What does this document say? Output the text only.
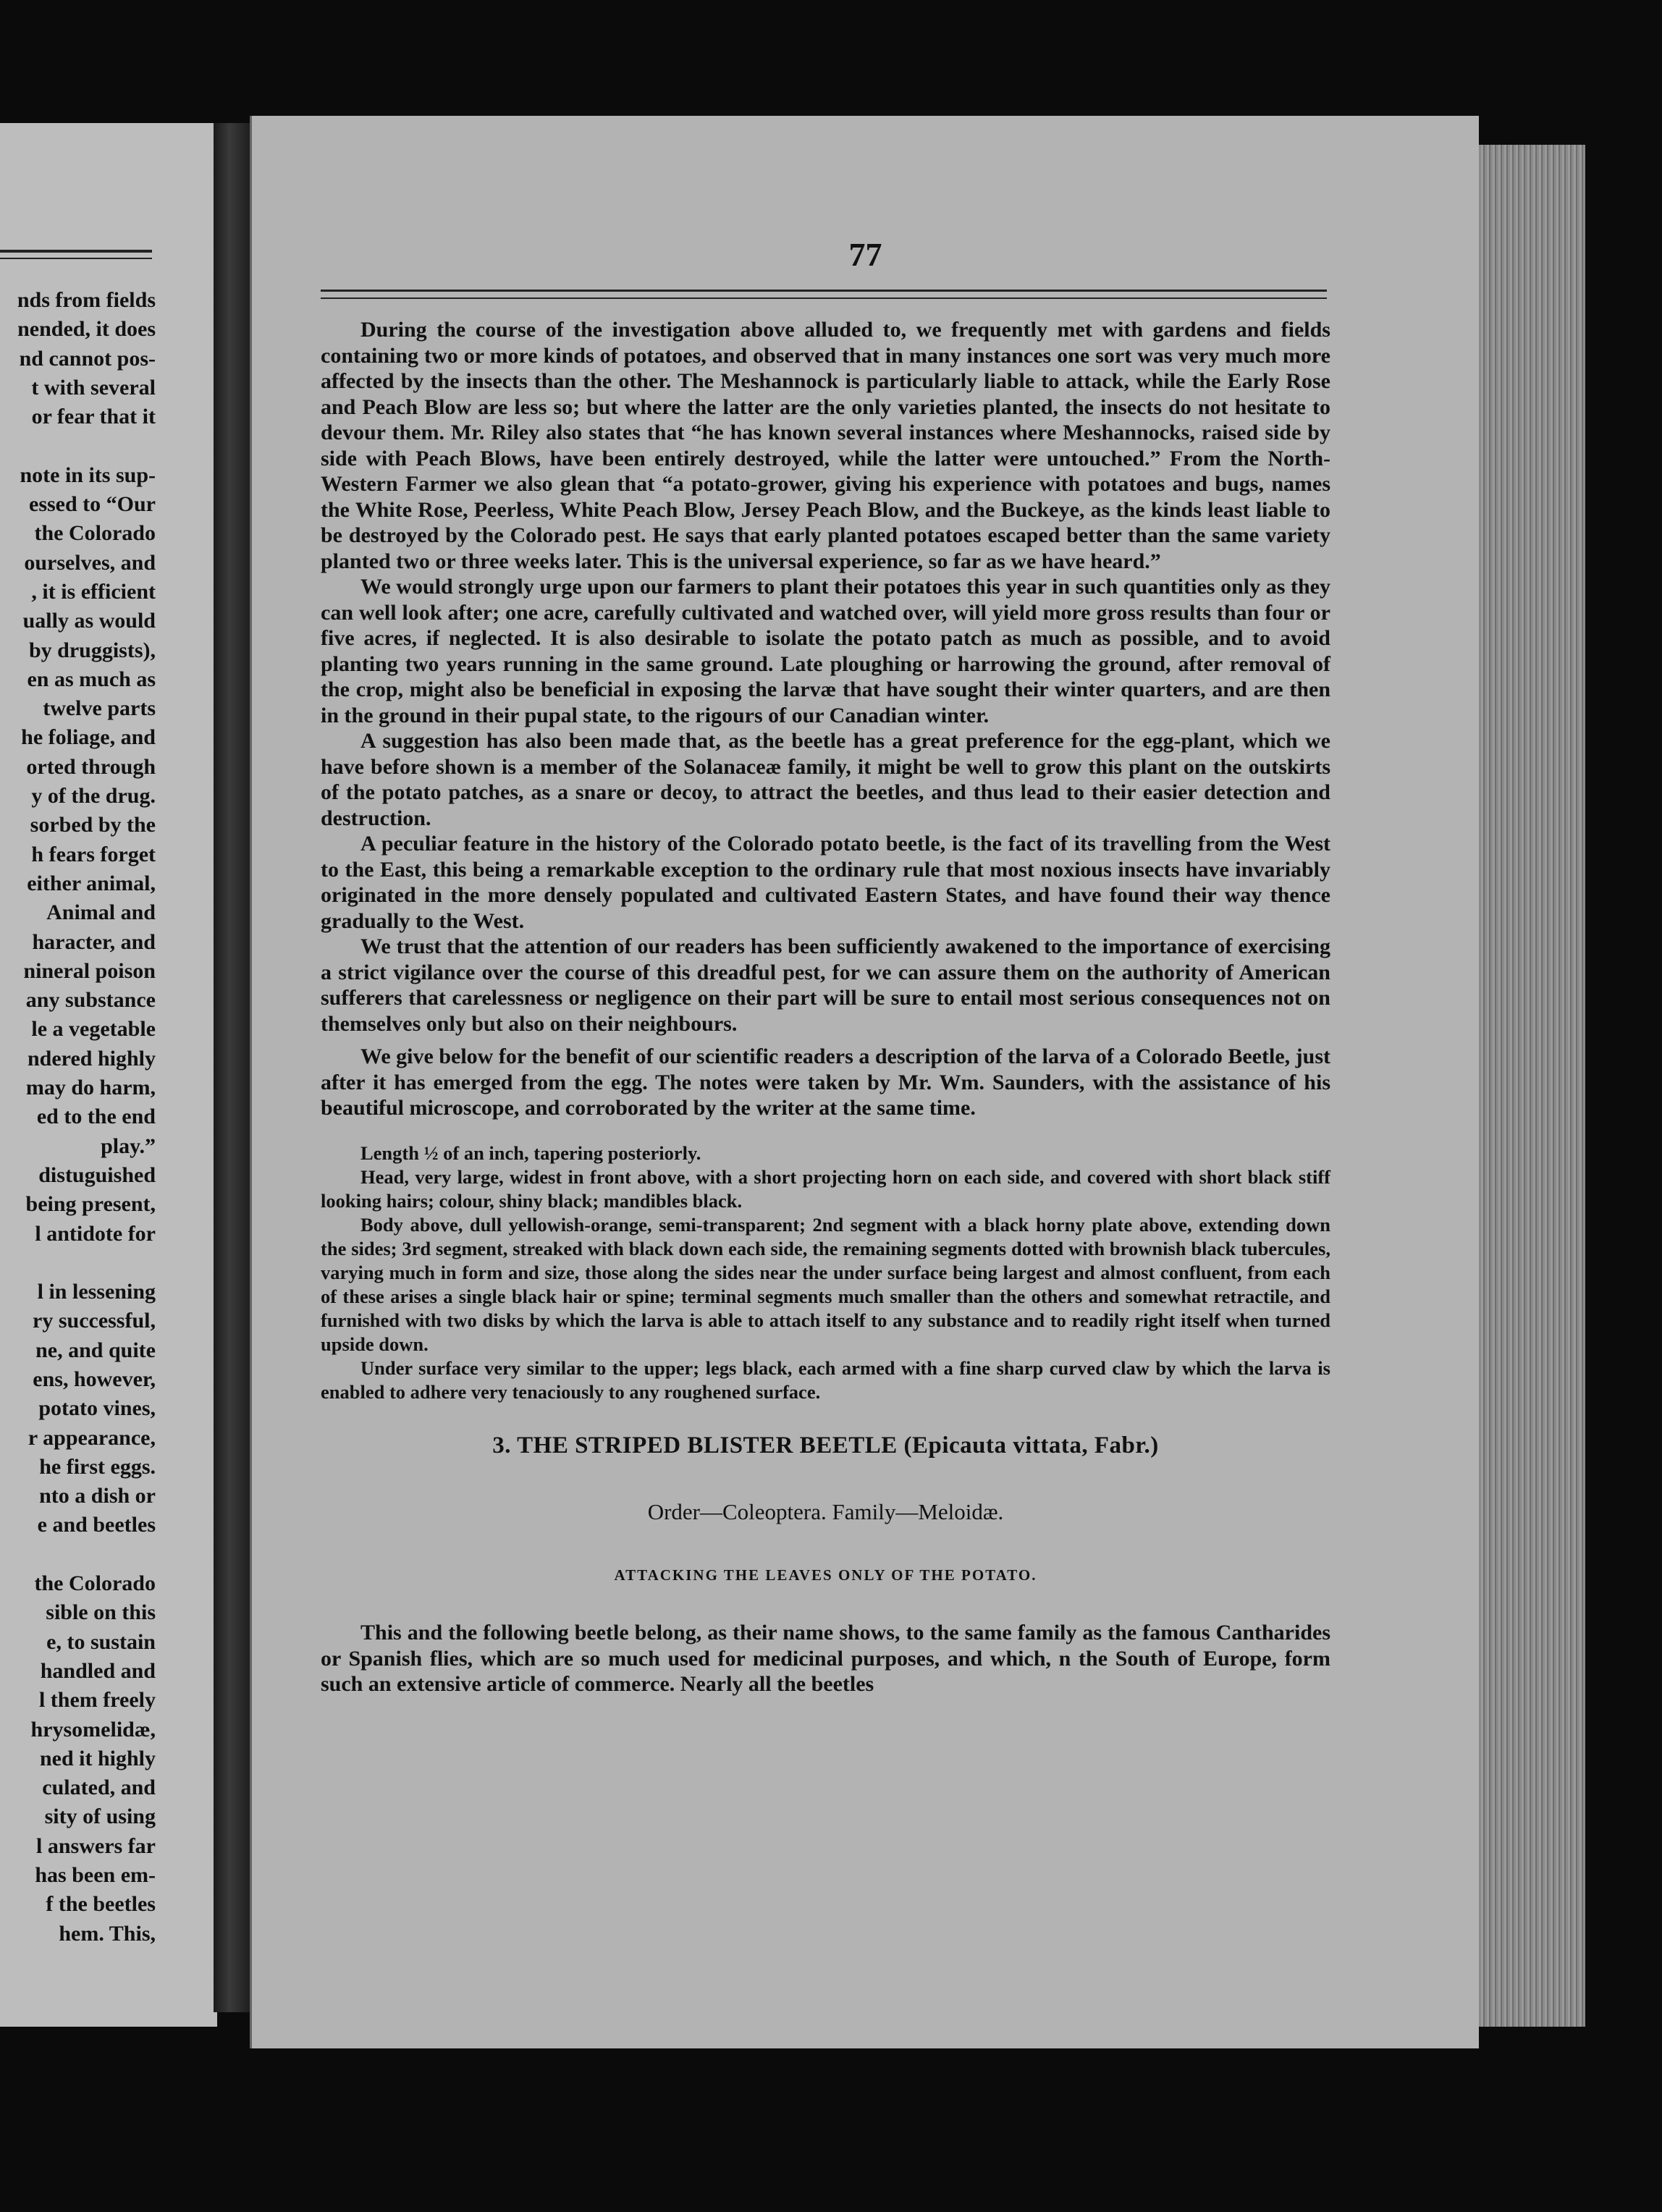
nds from fields
nended, it does
nd cannot pos-
t with several
or fear that it
note in its sup-
essed to “Our
the Colorado
ourselves, and
, it is efficient
ually as would
by druggists),
en as much as
twelve parts
he foliage, and
orted through
y of the drug.
sorbed by the
h fears forget
either animal,
Animal and
haracter, and
nineral poison
any substance
le a vegetable
ndered highly
may do harm,
ed to the end
play.”
distuguished
being present,
l antidote for
l in lessening
ry successful,
ne, and quite
ens, however,
potato vines,
r appearance,
he first eggs.
nto a dish or
e and beetles
the Colorado
sible on this
e, to sustain
handled and
l them freely
hrysomelidæ,
ned it highly
culated, and
sity of using
l answers far
has been em-
f the beetles
hem. This,
77

During the course of the investigation above alluded to, we frequently met with gardens and fields containing two or more kinds of potatoes, and observed that in many instances one sort was very much more affected by the insects than the other. The Meshannock is particularly liable to attack, while the Early Rose and Peach Blow are less so; but where the latter are the only varieties planted, the insects do not hesitate to devour them. Mr. Riley also states that “he has known several instances where Meshannocks, raised side by side with Peach Blows, have been entirely destroyed, while the latter were untouched.” From the North-Western Farmer we also glean that “a potato-grower, giving his experience with potatoes and bugs, names the White Rose, Peerless, White Peach Blow, Jersey Peach Blow, and the Buckeye, as the kinds least liable to be destroyed by the Colorado pest. He says that early planted potatoes escaped better than the same variety planted two or three weeks later. This is the universal experience, so far as we have heard.”

We would strongly urge upon our farmers to plant their potatoes this year in such quantities only as they can well look after; one acre, carefully cultivated and watched over, will yield more gross results than four or five acres, if neglected. It is also desirable to isolate the potato patch as much as possible, and to avoid planting two years running in the same ground. Late ploughing or harrowing the ground, after removal of the crop, might also be beneficial in exposing the larvæ that have sought their winter quarters, and are then in the ground in their pupal state, to the rigours of our Canadian winter.

A suggestion has also been made that, as the beetle has a great preference for the egg-plant, which we have before shown is a member of the Solanaceæ family, it might be well to grow this plant on the outskirts of the potato patches, as a snare or decoy, to attract the beetles, and thus lead to their easier detection and destruction.

A peculiar feature in the history of the Colorado potato beetle, is the fact of its travelling from the West to the East, this being a remarkable exception to the ordinary rule that most noxious insects have invariably originated in the more densely populated and cultivated Eastern States, and have found their way thence gradually to the West.

We trust that the attention of our readers has been sufficiently awakened to the importance of exercising a strict vigilance over the course of this dreadful pest, for we can assure them on the authority of American sufferers that carelessness or negligence on their part will be sure to entail most serious consequences not on themselves only but also on their neighbours.

We give below for the benefit of our scientific readers a description of the larva of a Colorado Beetle, just after it has emerged from the egg. The notes were taken by Mr. Wm. Saunders, with the assistance of his beautiful microscope, and corroborated by the writer at the same time.

Length ½ of an inch, tapering posteriorly.

Head, very large, widest in front above, with a short projecting horn on each side, and covered with short black stiff looking hairs; colour, shiny black; mandibles black.

Body above, dull yellowish-orange, semi-transparent; 2nd segment with a black horny plate above, extending down the sides; 3rd segment, streaked with black down each side, the remaining segments dotted with brownish black tubercules, varying much in form and size, those along the sides near the under surface being largest and almost confluent, from each of these arises a single black hair or spine; terminal segments much smaller than the others and somewhat retractile, and furnished with two disks by which the larva is able to attach itself to any substance and to readily right itself when turned upside down.

Under surface very similar to the upper; legs black, each armed with a fine sharp curved claw by which the larva is enabled to adhere very tenaciously to any roughened surface.

3. THE STRIPED BLISTER BEETLE (Epicauta vittata, Fabr.)

Order—Coleoptera. Family—Meloidæ.

ATTACKING THE LEAVES ONLY OF THE POTATO.

This and the following beetle belong, as their name shows, to the same family as the famous Cantharides or Spanish flies, which are so much used for medicinal purposes, and which, n the South of Europe, form such an extensive article of commerce. Nearly all the beetles
